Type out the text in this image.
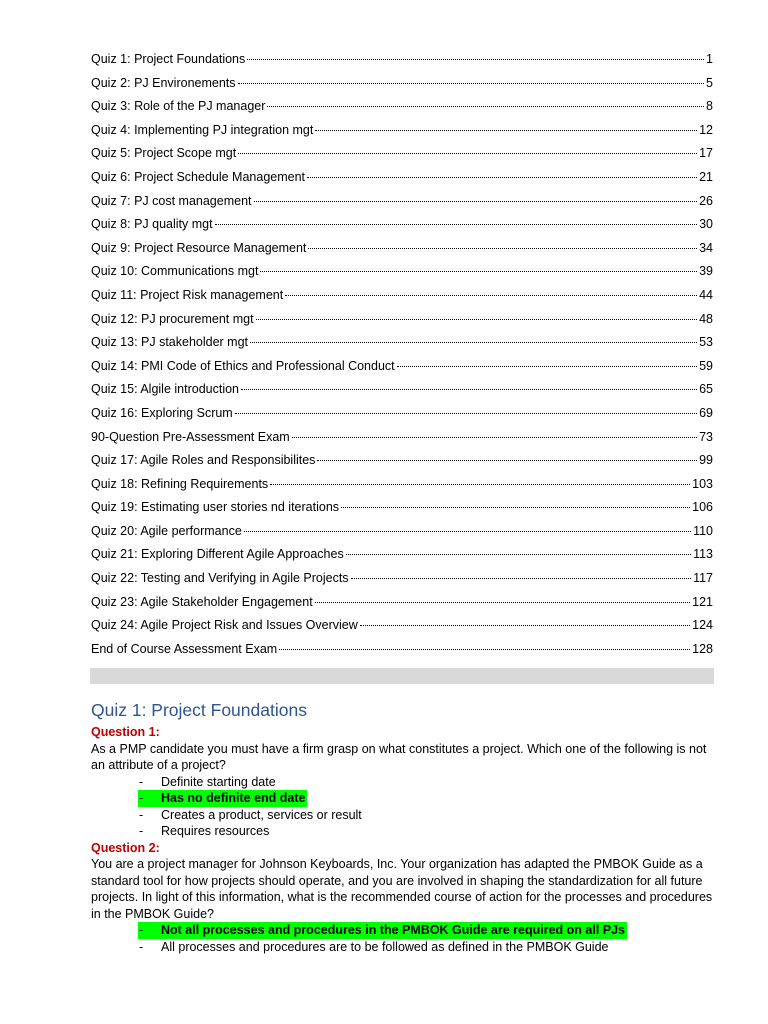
Quiz 1: Project Foundations	1
Quiz 2: PJ Environements	5
Quiz 3: Role of the PJ manager	8
Quiz 4: Implementing PJ integration mgt	12
Quiz 5: Project Scope mgt	17
Quiz 6: Project Schedule Management	21
Quiz 7: PJ cost management	26
Quiz 8: PJ quality mgt	30
Quiz 9: Project Resource Management	34
Quiz 10: Communications mgt	39
Quiz 11: Project Risk management	44
Quiz 12: PJ procurement mgt	48
Quiz 13: PJ stakeholder mgt	53
Quiz 14: PMI Code of Ethics and Professional Conduct	59
Quiz 15: Algile introduction	65
Quiz 16: Exploring Scrum	69
90-Question Pre-Assessment Exam	73
Quiz 17: Agile Roles and Responsibilites	99
Quiz 18: Refining Requirements	103
Quiz 19: Estimating user stories nd iterations	106
Quiz 20: Agile performance	110
Quiz 21: Exploring Different Agile Approaches	113
Quiz 22: Testing and Verifying in Agile Projects	117
Quiz 23: Agile Stakeholder Engagement	121
Quiz 24: Agile Project Risk and Issues Overview	124
End of Course Assessment Exam	128
Quiz 1: Project Foundations
Question 1:
As a PMP candidate you must have a firm grasp on what constitutes a project. Which one of the following is not an attribute of a project?
- Definite starting date
- Has no definite end date
- Creates a product, services or result
- Requires resources
Question 2:
You are a project manager for Johnson Keyboards, Inc. Your organization has adapted the PMBOK Guide as a standard tool for how projects should operate, and you are involved in shaping the standardization for all future projects. In light of this information, what is the recommended course of action for the processes and procedures in the PMBOK Guide?
- Not all processes and procedures in the PMBOK Guide are required on all PJs
- All processes and procedures are to be followed as defined in the PMBOK Guide
